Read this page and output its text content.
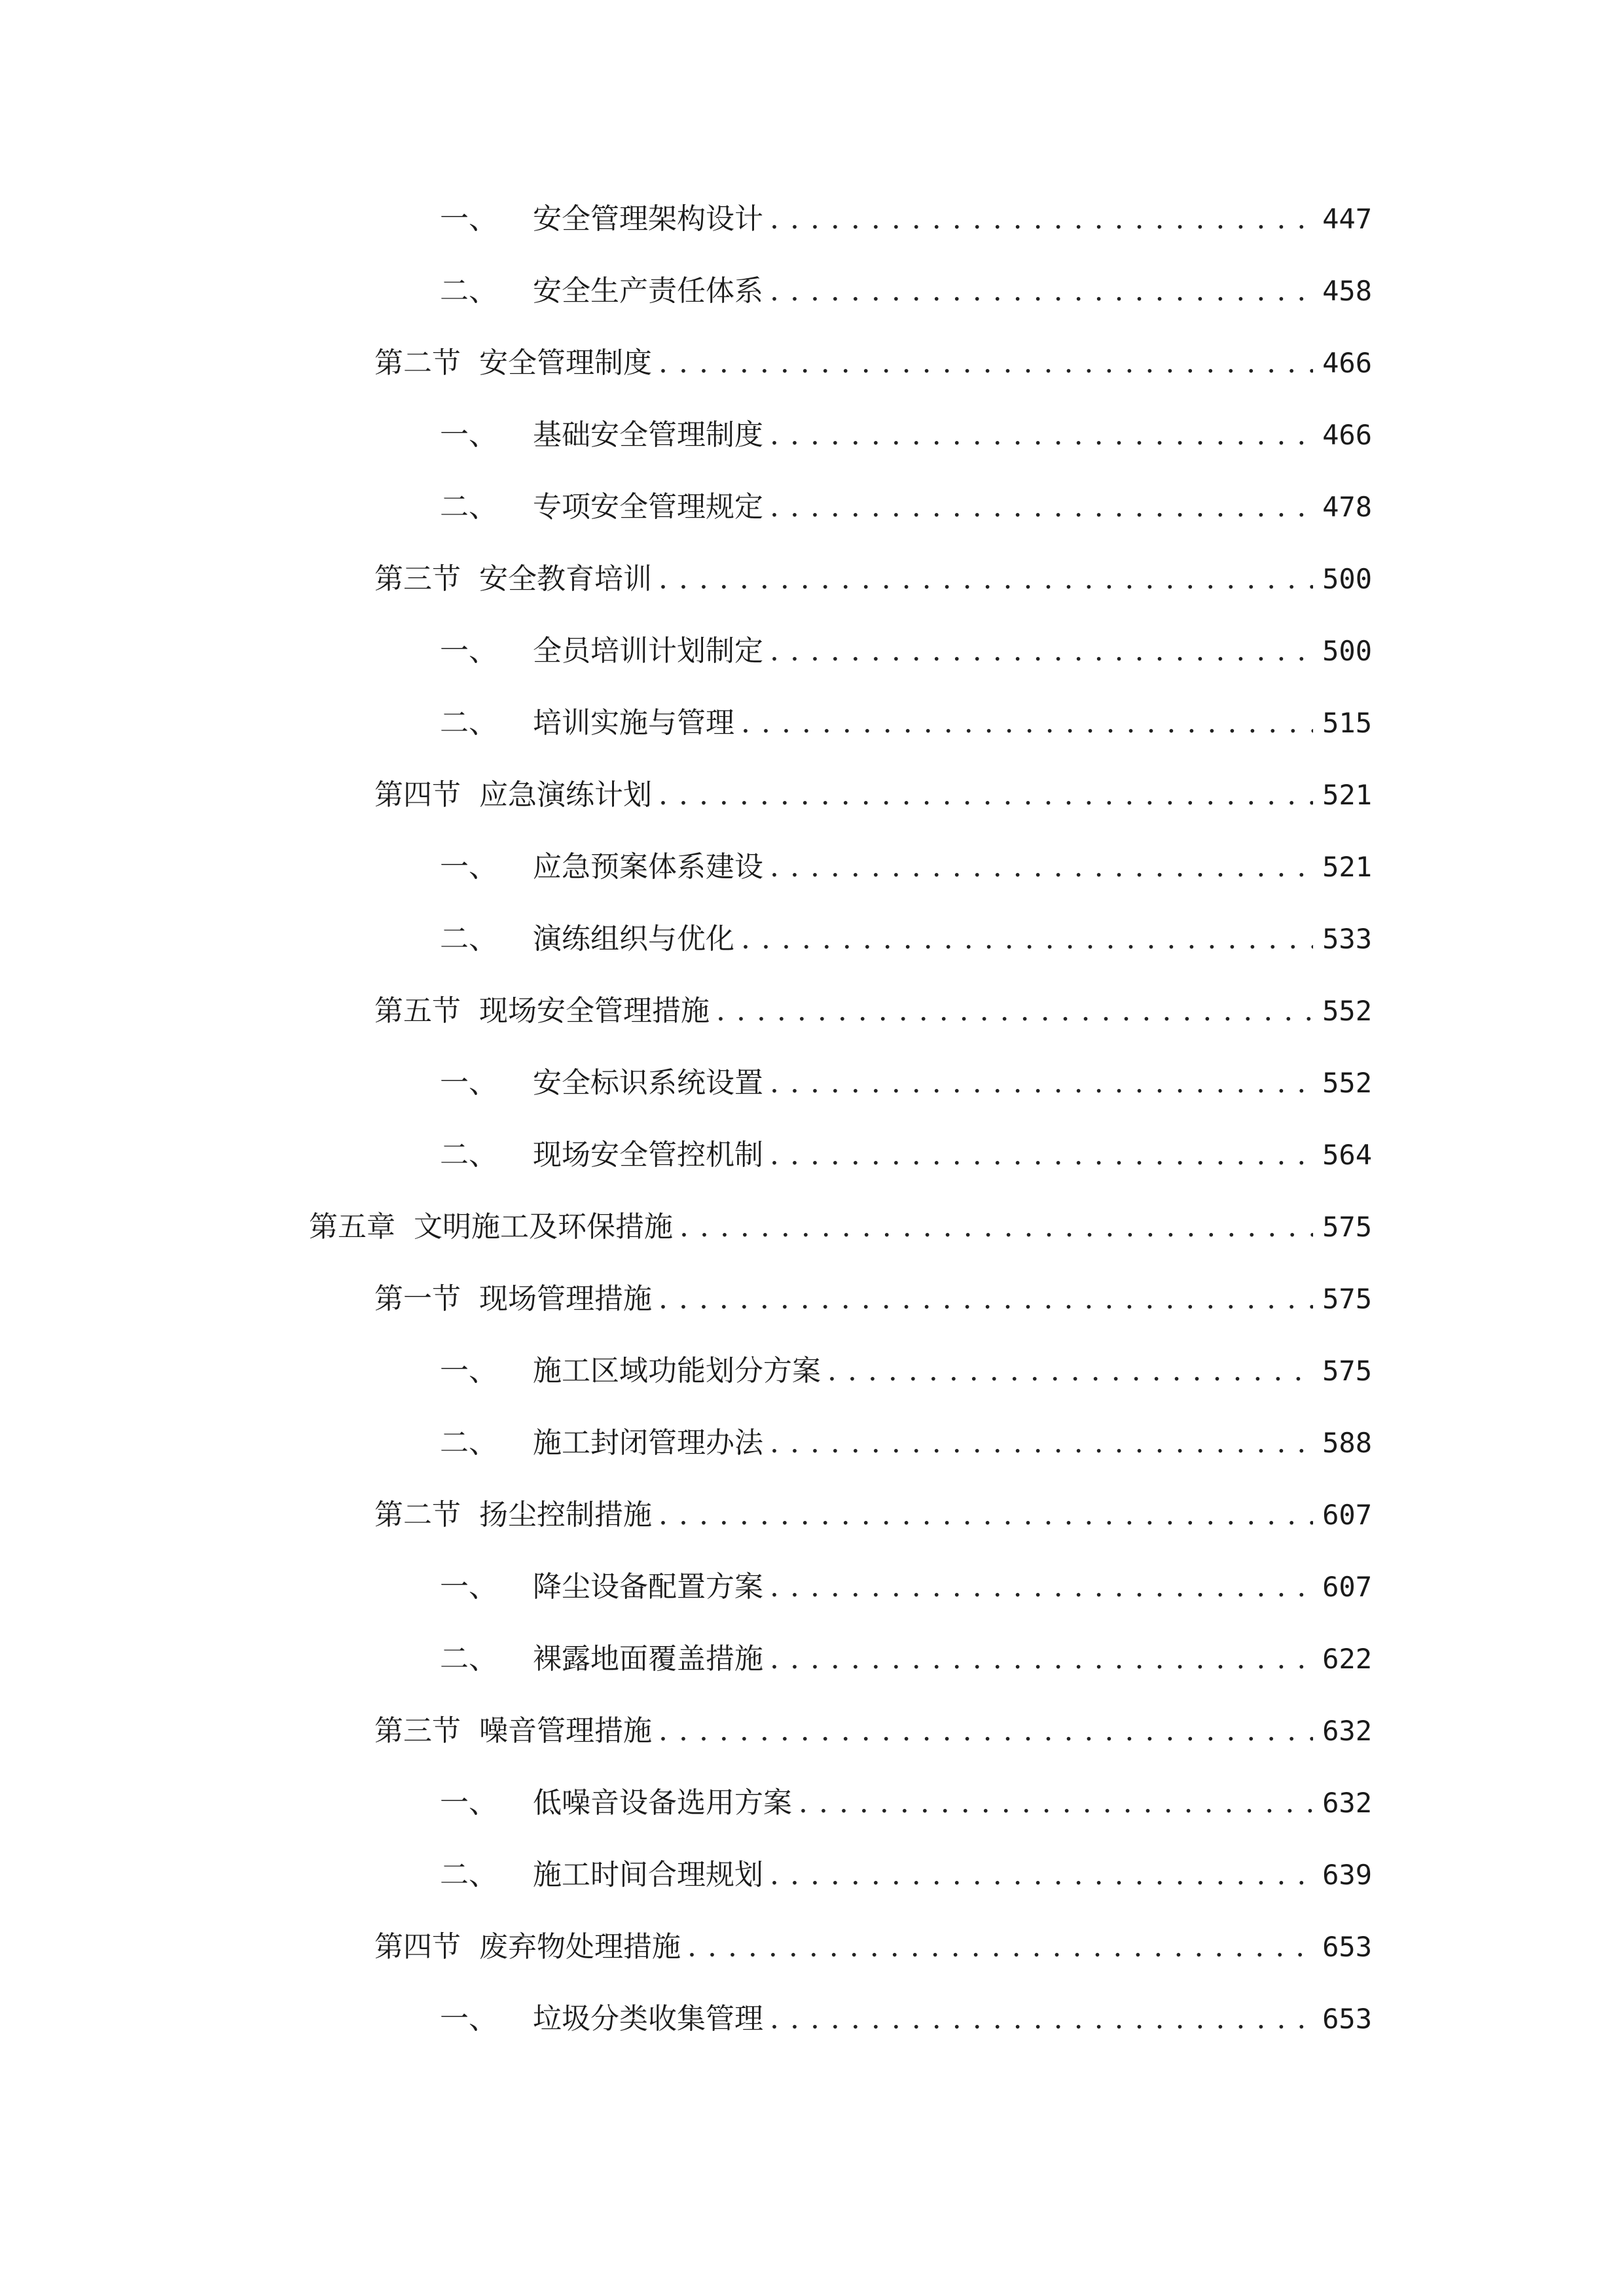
一、 安全管理架构设计 . . .	447
二、 安全生产责任体系 . . .	458
第二节 安全管理制度 . . .	466
一、 基础安全管理制度 . . .	466
二、 专项安全管理规定 . . .	478
第三节 安全教育培训 . . .	500
一、 全员培训计划制定 . . .	500
二、 培训实施与管理 . . .	515
第四节 应急演练计划 . . .	521
一、 应急预案体系建设 . . .	521
二、 演练组织与优化 . . .	533
第五节 现场安全管理措施 . . .	552
一、 安全标识系统设置 . . .	552
二、 现场安全管控机制 . . .	564
第五章 文明施工及环保措施 . . .	575
第一节 现场管理措施 . . .	575
一、 施工区域功能划分方案 . . .	575
二、 施工封闭管理办法 . . .	588
第二节 扬尘控制措施 . . .	607
一、 降尘设备配置方案 . . .	607
二、 裸露地面覆盖措施 . . .	622
第三节 噪音管理措施 . . .	632
一、 低噪音设备选用方案 . . .	632
二、 施工时间合理规划 . . .	639
第四节 废弃物处理措施 . . .	653
一、 垃圾分类收集管理 . . .	653
